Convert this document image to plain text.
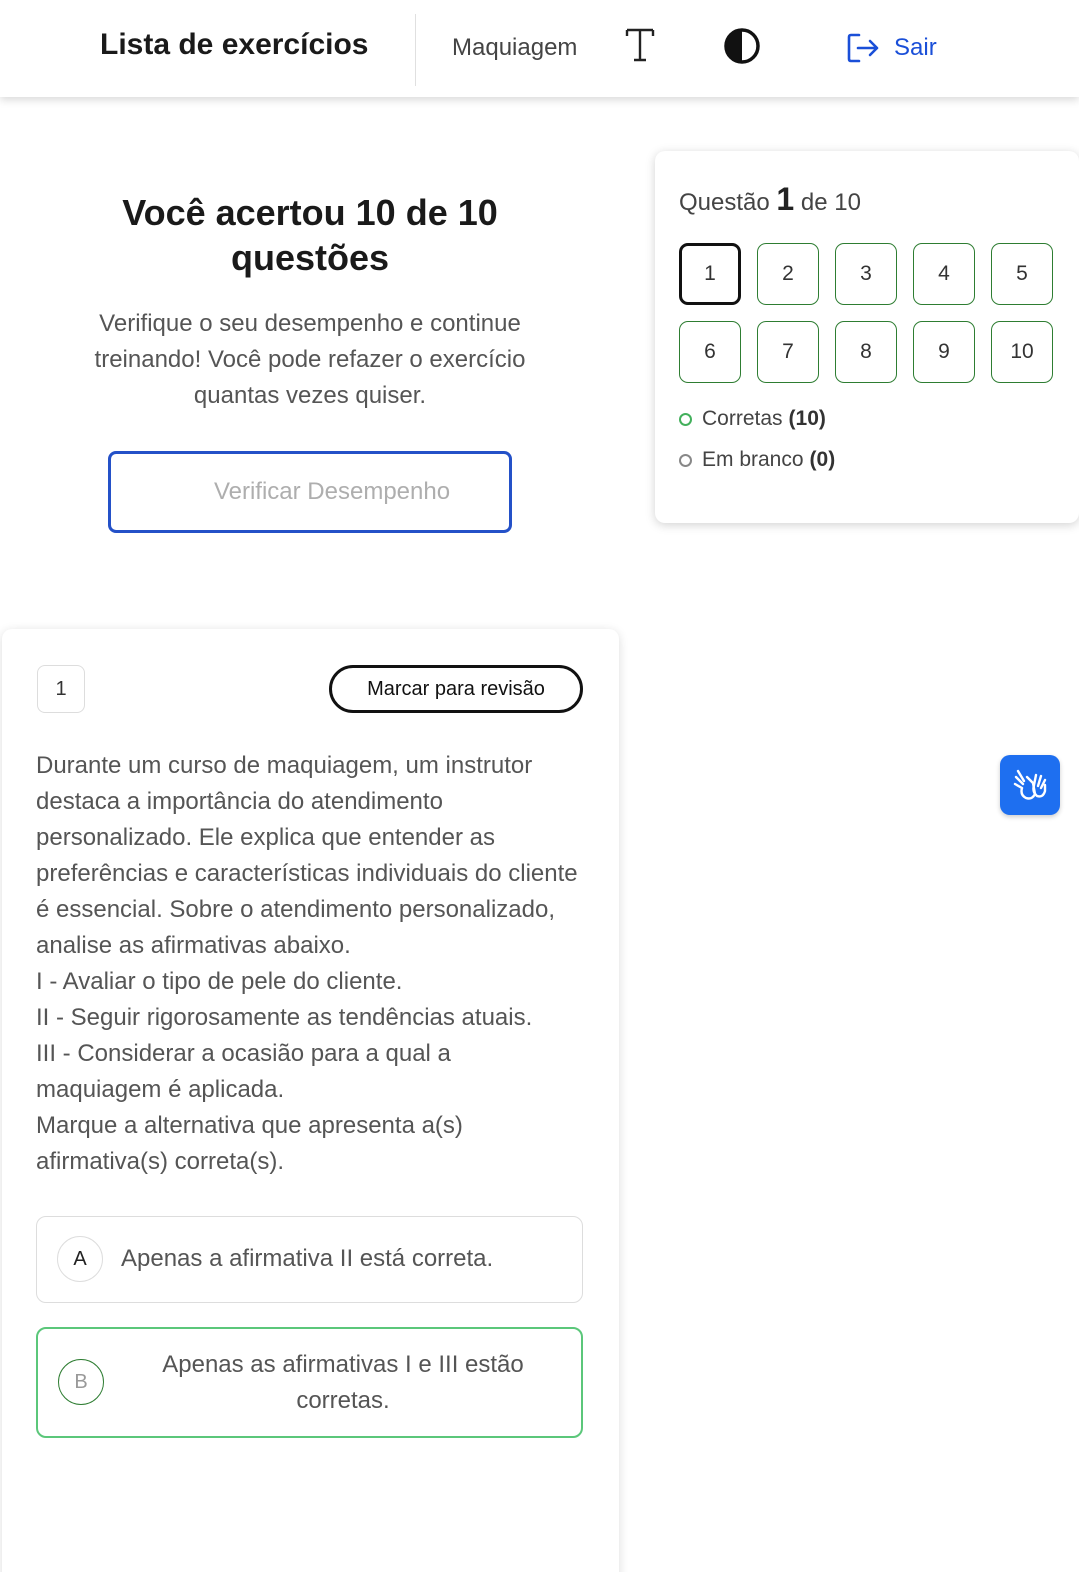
Lista de exercícios	Maquiagem	Sair
Você acertou 10 de 10 questões
Verifique o seu desempenho e continue treinando! Você pode refazer o exercício quantas vezes quiser.
Verificar Desempenho
Questão 1 de 10
1	2	3	4	5
6	7	8	9	10
Corretas (10)
Em branco (0)
1	Marcar para revisão

Durante um curso de maquiagem, um instrutor destaca a importância do atendimento personalizado. Ele explica que entender as preferências e características individuais do cliente é essencial. Sobre o atendimento personalizado, analise as afirmativas abaixo.

I - Avaliar o tipo de pele do cliente.

II - Seguir rigorosamente as tendências atuais.

III - Considerar a ocasião para a qual a maquiagem é aplicada.

Marque a alternativa que apresenta a(s) afirmativa(s) correta(s).

A	Apenas a afirmativa II está correta.
B
Apenas as afirmativas I e III estão corretas.
